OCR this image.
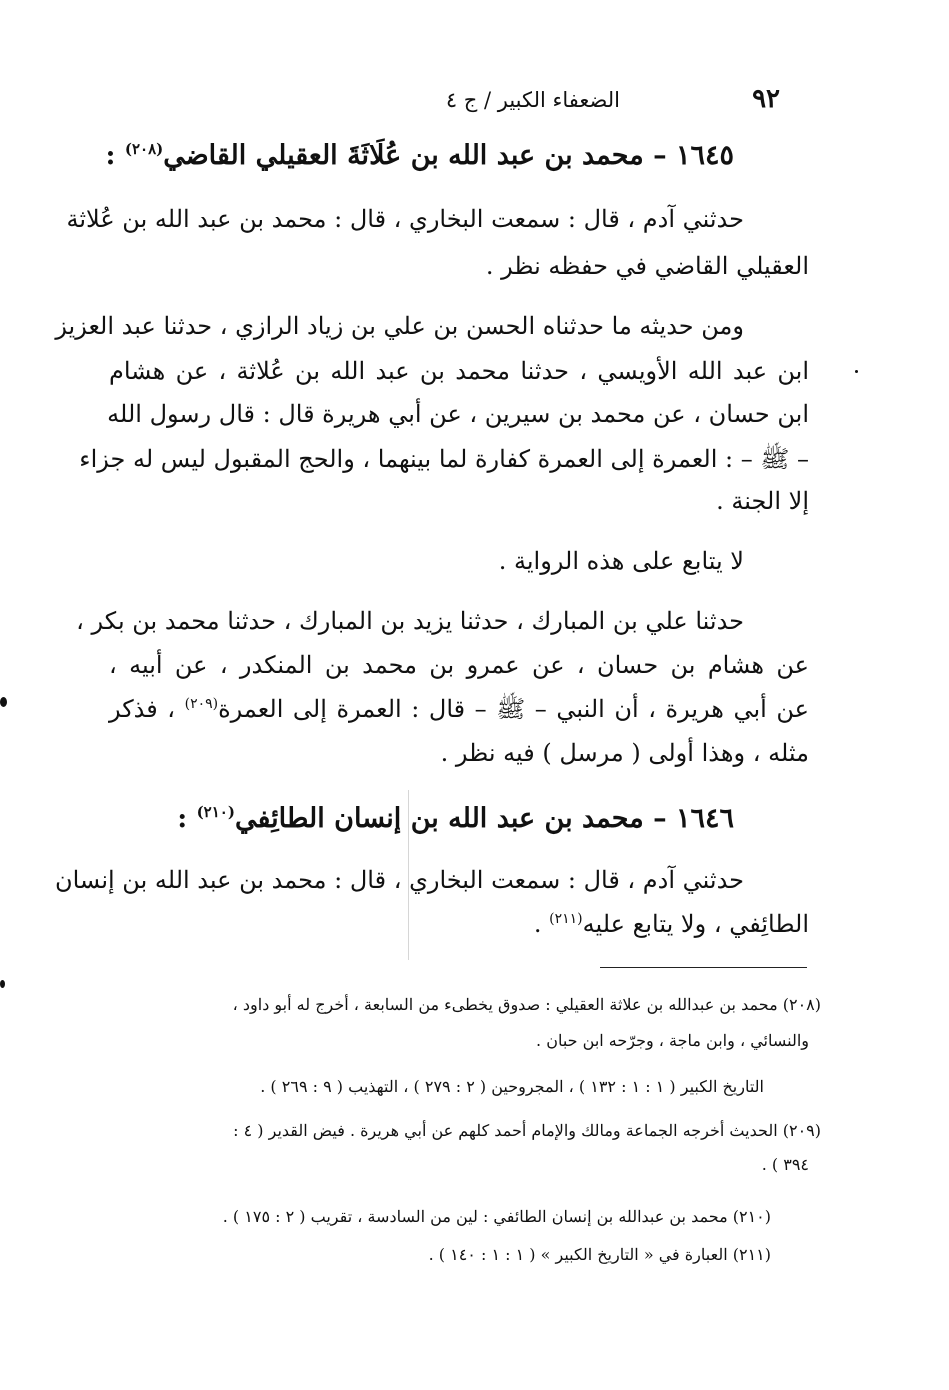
٩٢
الضعفاء الكبير / ج ٤
١٦٤٥ – محمد بن عبد الله بن عُلَاثَةَ العقيلي القاضي$^{(٢٠٨)}$ :
حدثني آدم ، قال : سمعت البخاري ، قال : محمد بن عبد الله بن عُلاثة
العقيلي القاضي في حفظه نظر .
ومن حديثه ما حدثناه الحسن بن علي بن زياد الرازي ، حدثنا عبد العزيز
ابن عبد الله الأويسي ، حدثنا محمد بن عبد الله بن عُلاثة ، عن هشام
ابن حسان ، عن محمد بن سيرين ، عن أبي هريرة قال : قال رسول الله
– ﷺ – : العمرة إلى العمرة كفارة لما بينهما ، والحج المقبول ليس له جزاء
إلا الجنة .
لا يتابع على هذه الرواية .
حدثنا علي بن المبارك ، حدثنا يزيد بن المبارك ، حدثنا محمد بن بكر ،
عن هشام بن حسان ، عن عمرو بن محمد بن المنكدر ، عن أبيه ،
عن أبي هريرة ، أن النبي – ﷺ – قال : العمرة إلى العمرة$^{(٢٠٩)}$ ، فذكر
مثله ، وهذا أولى ( مرسل ) فيه نظر .
١٦٤٦ – محمد بن عبد الله بن إنسان الطائِفي$^{(٢١٠)}$ :
حدثني آدم ، قال : سمعت البخاري ، قال : محمد بن عبد الله بن إنسان
الطائِفي ، ولا يتابع عليه$^{(٢١١)}$ .
(٢٠٨) محمد بن عبدالله بن علاثة العقيلي : صدوق يخطىء من السابعة ، أخرج له أبو داود ،
والنسائي ، وابن ماجة ، وجرّحه ابن حبان .
التاريخ الكبير ( ١ : ١ : ١٣٢ ) ، المجروحين ( ٢ : ٢٧٩ ) ، التهذيب ( ٩ : ٢٦٩ ) .
(٢٠٩) الحديث أخرجه الجماعة ومالك والإمام أحمد كلهم عن أبي هريرة . فيض القدير ( ٤ :
٣٩٤ ) .
(٢١٠) محمد بن عبدالله بن إنسان الطائفي : لين من السادسة ، تقريب ( ٢ : ١٧٥ ) .
(٢١١) العبارة في « التاريخ الكبير » ( ١ : ١ : ١٤٠ ) .
